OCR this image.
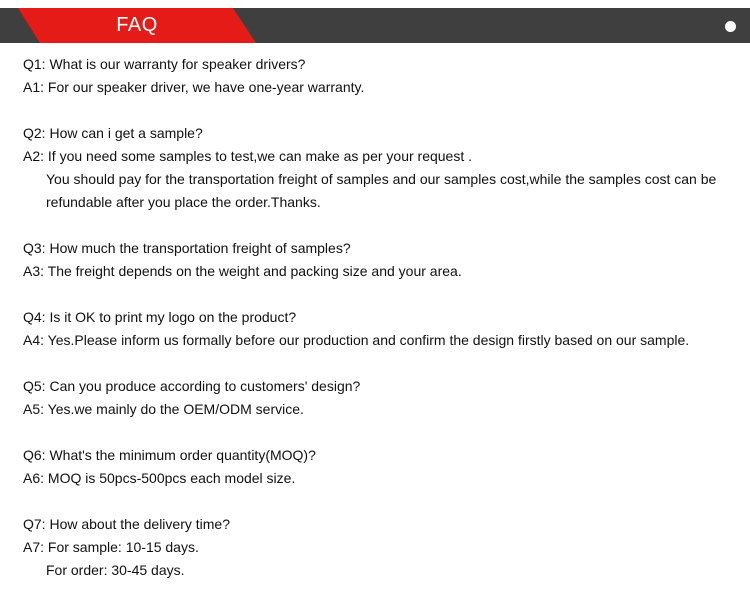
FAQ
Q1: What is our warranty for speaker drivers?
A1: For our speaker driver, we have one-year warranty.
Q2: How can i get a sample?
A2: If you need some samples to test,we can make as per your request .
You should pay for the transportation freight of samples and our samples cost,while the samples cost can be
refundable after you place the order.Thanks.
Q3: How much the transportation freight of samples?
A3: The freight depends on the weight and packing size and your area.
Q4: Is it OK to print my logo on the product?
A4: Yes.Please inform us formally before our production and confirm the design firstly based on our sample.
Q5: Can you produce according to customers' design?
A5: Yes.we mainly do the OEM/ODM service.
Q6: What's the minimum order quantity(MOQ)?
A6: MOQ is 50pcs-500pcs each model size.
Q7: How about the delivery time?
A7: For sample: 10-15 days.
For order: 30-45 days.
